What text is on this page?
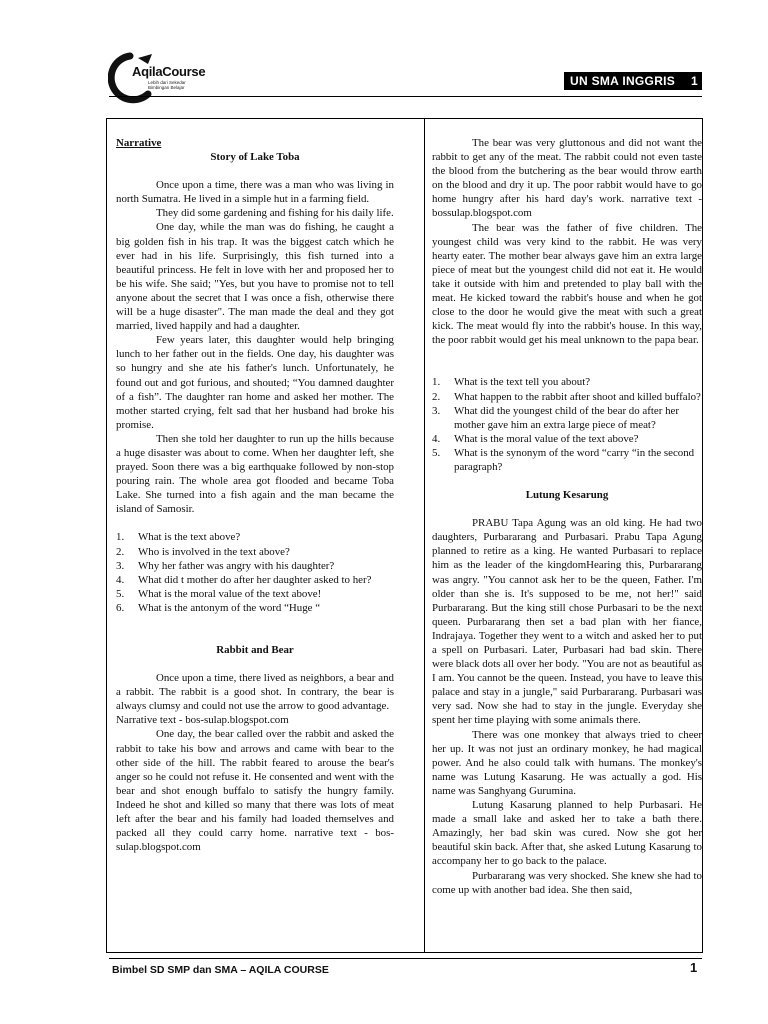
AqilaCourse
Lebih dari Sekedar
Bimbingan Belajar	UN SMA INGGRIS 1

Narrative

Story of Lake Toba

Once upon a time, there was a man who was living in north Sumatra. He lived in a simple hut in a farming field.

They did some gardening and fishing for his daily life.

One day, while the man was do fishing, he caught a big golden fish in his trap. It was the biggest catch which he ever had in his life. Surprisingly, this fish turned into a beautiful princess. He felt in love with her and proposed her to be his wife. She said; "Yes, but you have to promise not to tell anyone about the secret that I was once a fish, otherwise there will be a huge disaster". The man made the deal and they got married, lived happily and had a daughter.

Few years later, this daughter would help bringing lunch to her father out in the fields. One day, his daughter was so hungry and she ate his father's lunch. Unfortunately, he found out and got furious, and shouted; “You damned daughter of a fish”. The daughter ran home and asked her mother. The mother started crying, felt sad that her husband had broke his promise.

Then she told her daughter to run up the hills because a huge disaster was about to come. When her daughter left, she prayed. Soon there was a big earthquake followed by non-stop pouring rain. The whole area got flooded and became Toba Lake. She turned into a fish again and the man became the island of Samosir.

1. What is the text above?
2. Who is involved in the text above?
3. Why her father was angry with his daughter?
4. What did t mother do after her daughter asked to her?
5. What is the moral value of the text above!
6. What is the antonym of the word “Huge “

Rabbit and Bear

Once upon a time, there lived as neighbors, a bear and a rabbit. The rabbit is a good shot. In contrary, the bear is always clumsy and could not use the arrow to good advantage.

Narrative text - bos-sulap.blogspot.com

One day, the bear called over the rabbit and asked the rabbit to take his bow and arrows and came with bear to the other side of the hill. The rabbit feared to arouse the bear's anger so he could not refuse it. He consented and went with the bear and shot enough buffalo to satisfy the hungry family. Indeed he shot and killed so many that there was lots of meat left after the bear and his family had loaded themselves and packed all they could carry home. narrative text - bos-sulap.blogspot.com

The bear was very gluttonous and did not want the rabbit to get any of the meat. The rabbit could not even taste the blood from the butchering as the bear would throw earth on the blood and dry it up. The poor rabbit would have to go home hungry after his hard day's work. narrative text - bossulap.blogspot.com

The bear was the father of five children. The youngest child was very kind to the rabbit. He was very hearty eater. The mother bear always gave him an extra large piece of meat but the youngest child did not eat it. He would take it outside with him and pretended to play ball with the meat. He kicked toward the rabbit's house and when he got close to the door he would give the meat with such a great kick. The meat would fly into the rabbit's house. In this way, the poor rabbit would get his meal unknown to the papa bear.

1. What is the text tell you about?
2. What happen to the rabbit after shoot and killed buffalo?
3. What did the youngest child of the bear do after her mother gave him an extra large piece of meat?
4. What is the moral value of the text above?
5. What is the synonym of the word “carry “in the second paragraph?

Lutung Kesarung

PRABU Tapa Agung was an old king. He had two daughters, Purbararang and Purbasari. Prabu Tapa Agung planned to retire as a king. He wanted Purbasari to replace him as the leader of the kingdomHearing this, Purbararang was angry. "You cannot ask her to be the queen, Father. I'm older than she is. It's supposed to be me, not her!" said Purbararang. But the king still chose Purbasari to be the next queen. Purbararang then set a bad plan with her fiance, Indrajaya. Together they went to a witch and asked her to put a spell on Purbasari. Later, Purbasari had bad skin. There were black dots all over her body. "You are not as beautiful as I am. You cannot be the queen. Instead, you have to leave this palace and stay in a jungle," said Purbararang. Purbasari was very sad. Now she had to stay in the jungle. Everyday she spent her time playing with some animals there.

There was one monkey that always tried to cheer her up. It was not just an ordinary monkey, he had magical power. And he also could talk with humans. The monkey's name was Lutung Kasarung. He was actually a god. His name was Sanghyang Gurumina.

Lutung Kasarung planned to help Purbasari. He made a small lake and asked her to take a bath there. Amazingly, her bad skin was cured. Now she got her beautiful skin back. After that, she asked Lutung Kasarung to accompany her to go back to the palace.

Purbararang was very shocked. She knew she had to come up with another bad idea. She then said,

Bimbel SD SMP dan SMA – AQILA COURSE	1
